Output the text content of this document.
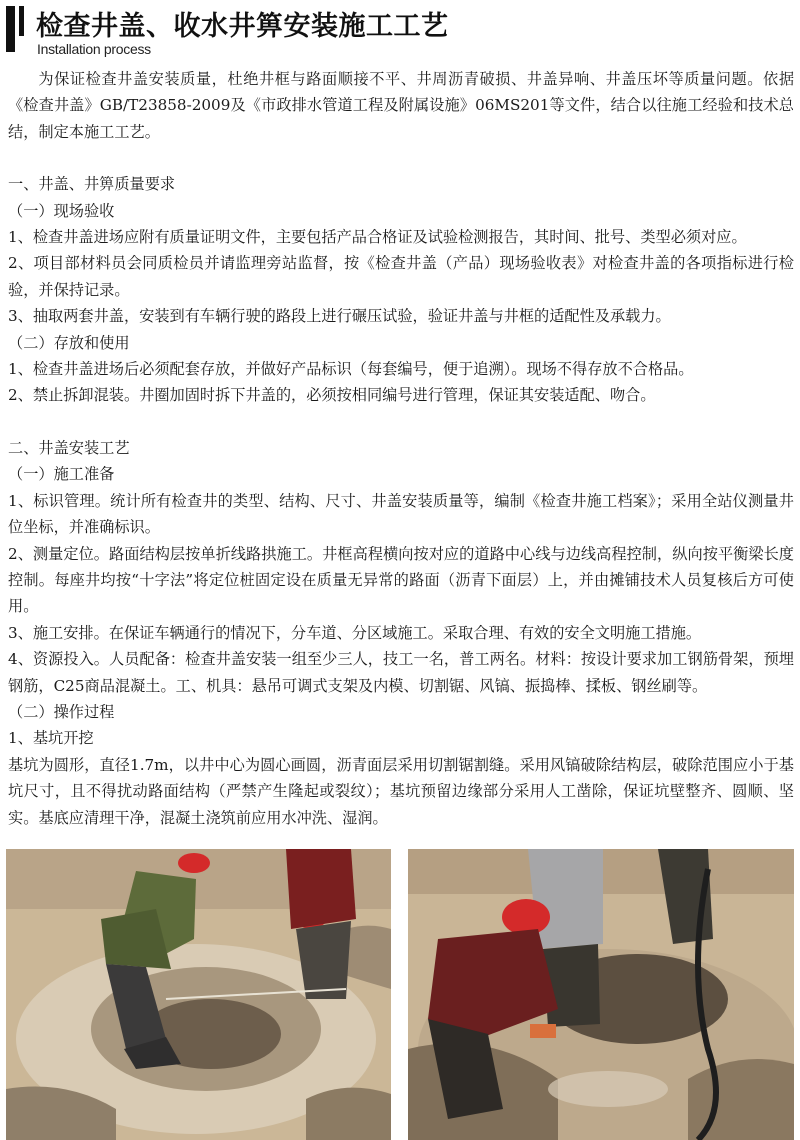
检查井盖、收水井箅安装施工工艺
Installation process

为保证检查井盖安装质量，杜绝井框与路面顺接不平、井周沥青破损、井盖异响、井盖压坏等质量问题。依据《检查井盖》GB/T23858-2009及《市政排水管道工程及附属设施》06MS201等文件，结合以往施工经验和技术总结，制定本施工工艺。

一、井盖、井箅质量要求

（一）现场验收

1、检查井盖进场应附有质量证明文件，主要包括产品合格证及试验检测报告，其时间、批号、类型必须对应。

2、项目部材料员会同质检员并请监理旁站监督，按《检查井盖（产品）现场验收表》对检查井盖的各项指标进行检验，并保持记录。

3、抽取两套井盖，安装到有车辆行驶的路段上进行碾压试验，验证井盖与井框的适配性及承载力。

（二）存放和使用

1、检查井盖进场后必须配套存放，并做好产品标识（每套编号，便于追溯）。现场不得存放不合格品。

2、禁止拆卸混装。井圈加固时拆下井盖的，必须按相同编号进行管理，保证其安装适配、吻合。

二、井盖安装工艺

（一）施工准备

1、标识管理。统计所有检查井的类型、结构、尺寸、井盖安装质量等，编制《检查井施工档案》；采用全站仪测量井位坐标，并准确标识。

2、测量定位。路面结构层按单折线路拱施工。井框高程横向按对应的道路中心线与边线高程控制，纵向按平衡梁长度控制。每座井均按“十字法”将定位桩固定设在质量无异常的路面（沥青下面层）上，并由摊铺技术人员复核后方可使用。

3、施工安排。在保证车辆通行的情况下，分车道、分区域施工。采取合理、有效的安全文明施工措施。

4、资源投入。人员配备：检查井盖安装一组至少三人，技工一名，普工两名。材料：按设计要求加工钢筋骨架，预埋钢筋，C25商品混凝土。工、机具：悬吊可调式支架及内模、切割锯、风镐、振捣棒、揉板、钢丝刷等。

（二）操作过程

1、基坑开挖

基坑为圆形，直径1.7m，以井中心为圆心画圆，沥青面层采用切割锯割缝。采用风镐破除结构层，破除范围应小于基坑尺寸，且不得扰动路面结构（严禁产生隆起或裂纹）；基坑预留边缘部分采用人工凿除，保证坑壁整齐、圆顺、坚实。基底应清理干净，混凝土浇筑前应用水冲洗、湿润。
